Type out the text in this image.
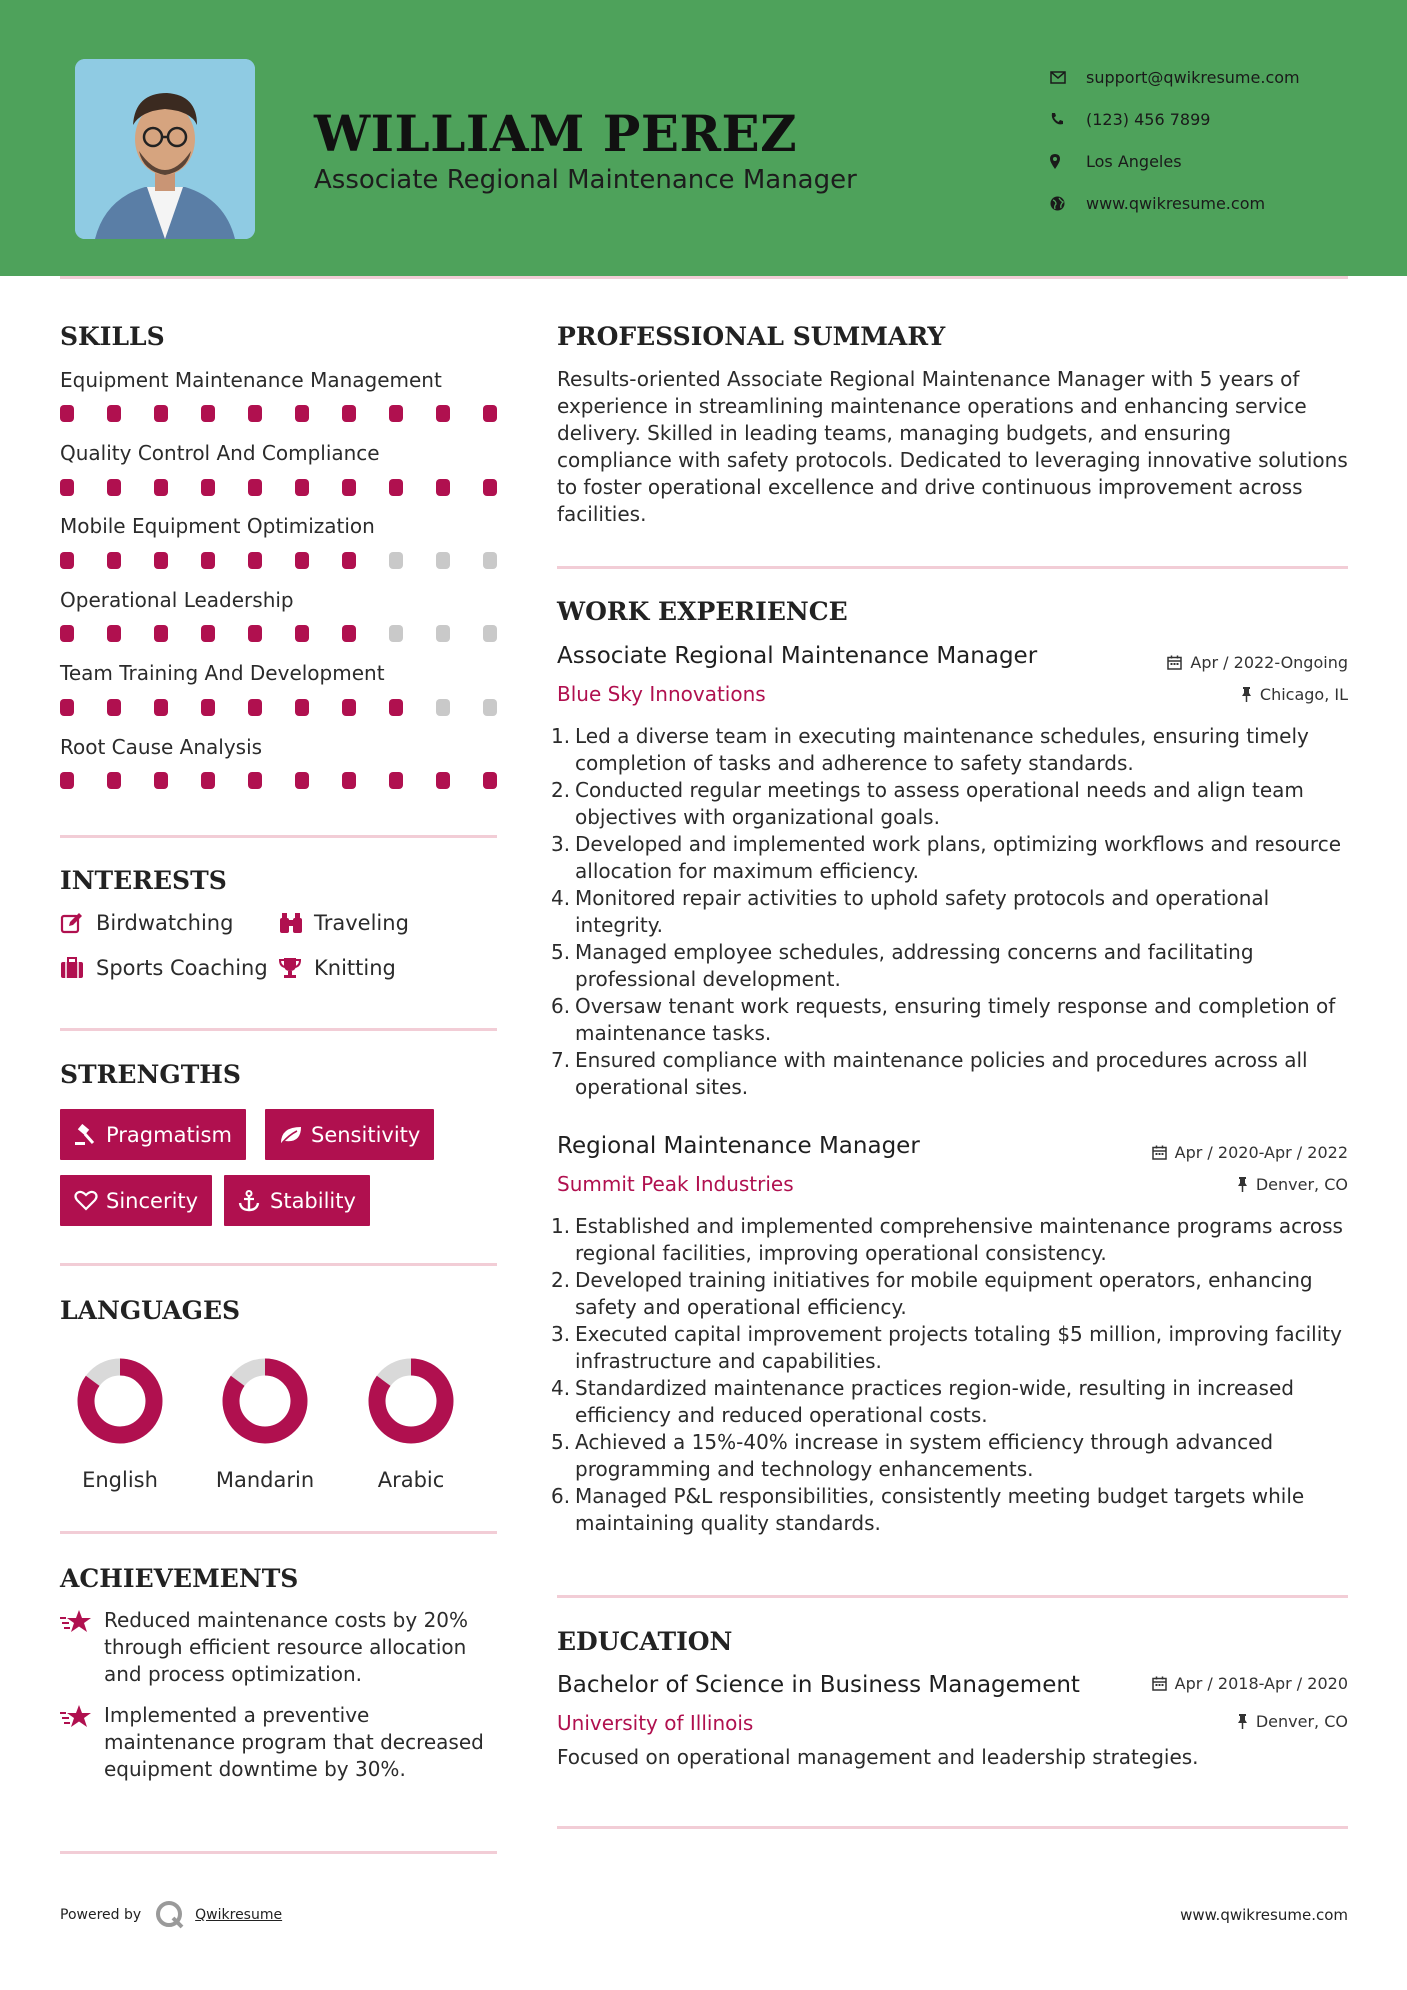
WILLIAM PEREZ
Associate Regional Maintenance Manager
support@qwikresume.com
(123) 456 7899
Los Angeles
www.qwikresume.com
SKILLS
Equipment Maintenance Management
Quality Control And Compliance
Mobile Equipment Optimization
Operational Leadership
Team Training And Development
Root Cause Analysis
INTERESTS
Birdwatching	Traveling
Sports Coaching Knitting
STRENGTHS
Pragmatism	Sensitivity
Sincerity	Stability
LANGUAGES
English	Mandarin	Arabic
ACHIEVEMENTS
Reduced maintenance costs by 20% through efficient resource allocation and process optimization.
Implemented a preventive maintenance program that decreased equipment downtime by 30%.
PROFESSIONAL SUMMARY
Results-oriented Associate Regional Maintenance Manager with 5 years of experience in streamlining maintenance operations and enhancing service delivery. Skilled in leading teams, managing budgets, and ensuring compliance with safety protocols. Dedicated to leveraging innovative solutions to foster operational excellence and drive continuous improvement across facilities.
WORK EXPERIENCE
Associate Regional Maintenance Manager	Apr / 2022-Ongoing
Blue Sky Innovations	Chicago, IL
1. Led a diverse team in executing maintenance schedules, ensuring timely completion of tasks and adherence to safety standards.
2. Conducted regular meetings to assess operational needs and align team objectives with organizational goals.
3. Developed and implemented work plans, optimizing workflows and resource allocation for maximum efficiency.
4. Monitored repair activities to uphold safety protocols and operational integrity.
5. Managed employee schedules, addressing concerns and facilitating professional development.
6. Oversaw tenant work requests, ensuring timely response and completion of maintenance tasks.
7. Ensured compliance with maintenance policies and procedures across all operational sites.
Regional Maintenance Manager	Apr / 2020-Apr / 2022
Summit Peak Industries	Denver, CO
1. Established and implemented comprehensive maintenance programs across regional facilities, improving operational consistency.
2. Developed training initiatives for mobile equipment operators, enhancing safety and operational efficiency.
3. Executed capital improvement projects totaling $5 million, improving facility infrastructure and capabilities.
4. Standardized maintenance practices region-wide, resulting in increased efficiency and reduced operational costs.
5. Achieved a 15%-40% increase in system efficiency through advanced programming and technology enhancements.
6. Managed P&L responsibilities, consistently meeting budget targets while maintaining quality standards.
EDUCATION
Bachelor of Science in Business Management	Apr / 2018-Apr / 2020
University of Illinois	Denver, CO
Focused on operational management and leadership strategies.
Powered by	Qwikresume	www.qwikresume.com
